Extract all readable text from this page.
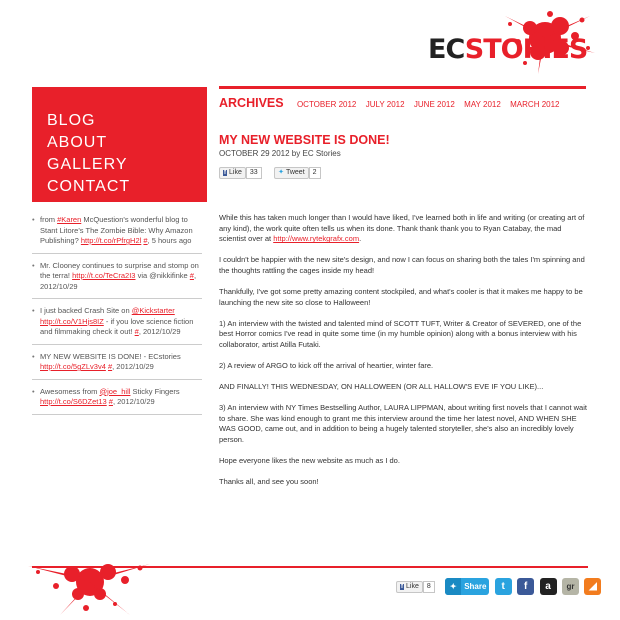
ECSTORIES
BLOG
ABOUT
GALLERY
CONTACT
ARCHIVES OCTOBER 2012 JULY 2012 JUNE 2012 MAY 2012 MARCH 2012
MY NEW WEBSITE IS DONE!
OCTOBER 29 2012 by EC Stories
f Like 33	✦ Tweet 2

While this has taken much longer than I would have liked, I've learned both in life and writing (or creating art of any kind), the work quite often tells us when its done. Thank thank thank you to Ryan Catabay, the mad scientist over at http://www.rytekgrafx.com.

I couldn't be happier with the new site's design, and now I can focus on sharing both the tales I'm spinning and the thoughts rattling the cages inside my head!

Thankfully, I've got some pretty amazing content stockpiled, and what's cooler is that it makes me happy to be launching the new site so close to Halloween!

1) An interview with the twisted and talented mind of SCOTT TUFT, Writer & Creator of SEVERED, one of the best Horror comics I've read in quite some time (in my humble opinion) along with a bonus interview with his collaborator, artist Atilla Futaki.

2) A review of ARGO to kick off the arrival of heartier, winter fare.

AND FINALLY! THIS WEDNESDAY, ON HALLOWEEN (OR ALL HALLOW'S EVE IF YOU LIKE)...

3) An interview with NY Times Bestselling Author, LAURA LIPPMAN, about writing first novels that I cannot wait to share. She was kind enough to grant me this interview around the time her latest novel, AND WHEN SHE WAS GOOD, came out, and in addition to being a hugely talented storyteller, she's also an incredibly lovely person.

Hope everyone likes the new website as much as I do.

Thanks all, and see you soon!

• from #Karen McQuestion's wonderful blog to Stant Litore's The Zombie Bible: Why Amazon Publishing? http://t.co/rPfrgH2l #, 5 hours ago
• Mr. Clooney continues to surprise and stomp on the terra! http://t.co/TeCra2I3 via @nikkifinke #, 2012/10/29
• I just backed Crash Site on @Kickstarter http://t.co/V1Hjs8IZ - if you love science fiction and filmmaking check it out! #, 2012/10/29
• MY NEW WEBSITE IS DONE! - ECstories http://t.co/5gZLv3v4 #, 2012/10/29
• Awesomess from @joe_hill Sticky Fingers http://t.co/S6DZet13 #, 2012/10/29
f Like 8 ✦ Share t f a gr ◢
